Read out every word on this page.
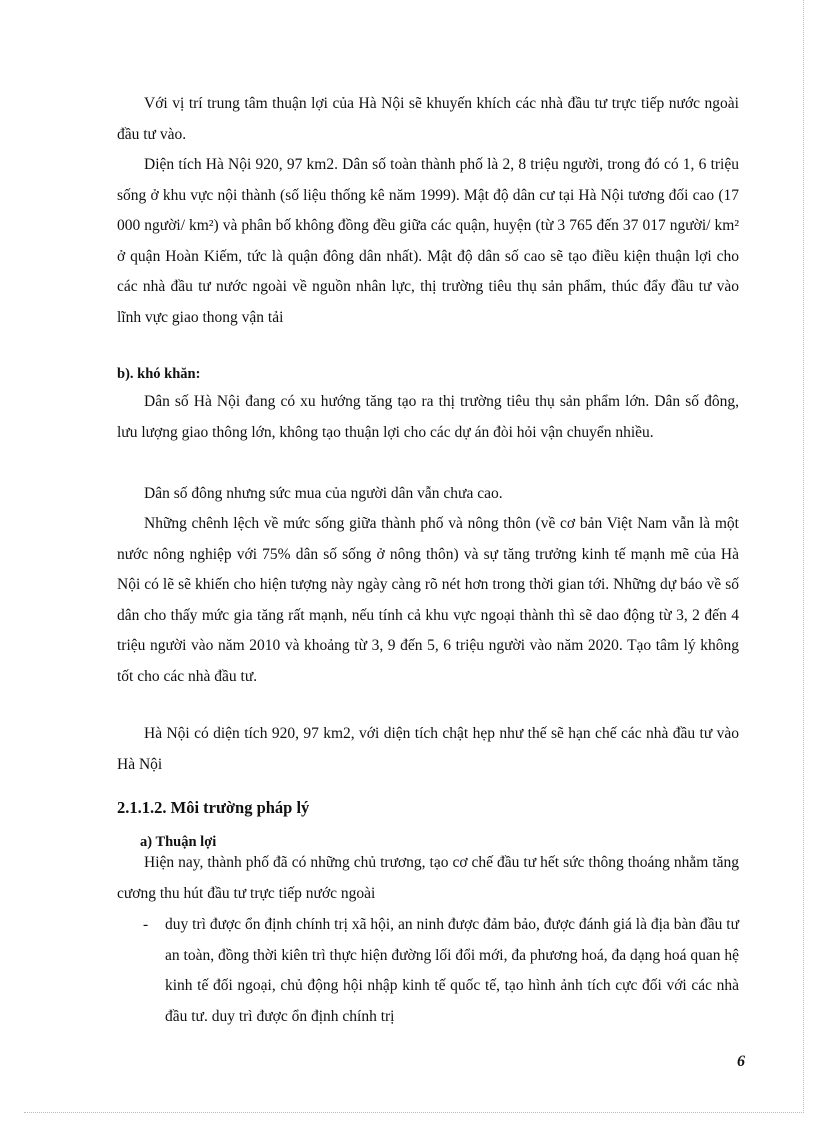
Với vị trí trung tâm thuận lợi của Hà Nội sẽ khuyến khích các nhà đầu tư trực tiếp nước ngoài đầu tư vào.

Diện tích Hà Nội 920, 97 km2. Dân số toàn thành phố là 2, 8 triệu người, trong đó có 1, 6 triệu sống ở khu vực nội thành (số liệu thống kê năm 1999). Mật độ dân cư tại Hà Nội tương đối cao (17 000 người/ km²) và phân bố không đồng đều giữa các quận, huyện (từ 3 765 đến 37 017 người/ km² ở quận Hoàn Kiếm, tức là quận đông dân nhất). Mật độ dân số cao sẽ tạo điều kiện thuận lợi cho các nhà đầu tư nước ngoài về nguồn nhân lực, thị trường tiêu thụ sản phẩm, thúc đẩy đầu tư vào lĩnh vực giao thong vận tải

b). khó khăn:

Dân số Hà Nội đang có xu hướng tăng tạo ra thị trường tiêu thụ sản phẩm lớn. Dân số đông, lưu lượng giao thông lớn, không tạo thuận lợi cho các dự án đòi hỏi vận chuyển nhiều.

Dân số đông nhưng sức mua của người dân vẫn chưa cao.

Những chênh lệch về mức sống giữa thành phố và nông thôn (về cơ bản Việt Nam vẫn là một nước nông nghiệp với 75% dân số sống ở nông thôn) và sự tăng trưởng kinh tế mạnh mẽ của Hà Nội có lẽ sẽ khiến cho hiện tượng này ngày càng rõ nét hơn trong thời gian tới. Những dự báo về số dân cho thấy mức gia tăng rất mạnh, nếu tính cả khu vực ngoại thành thì sẽ dao động từ 3, 2 đến 4 triệu người vào năm 2010 và khoảng từ 3, 9 đến 5, 6 triệu người vào năm 2020. Tạo tâm lý không tốt cho các nhà đầu tư.

Hà Nội có diện tích 920, 97 km2, với diện tích chật hẹp như thế sẽ hạn chế các nhà đầu tư vào Hà Nội

2.1.1.2. Môi trường pháp lý
a) Thuận lợi

Hiện nay, thành phố đã có những chủ trương, tạo cơ chế đầu tư hết sức thông thoáng nhằm tăng cương thu hút đầu tư trực tiếp nước ngoài

- duy trì được ổn định chính trị xã hội, an ninh được đảm bảo, được đánh giá là địa bàn đầu tư an toàn, đồng thời kiên trì thực hiện đường lối đổi mới, đa phương hoá, đa dạng hoá quan hệ kinh tế đối ngoại, chủ động hội nhập kinh tế quốc tế, tạo hình ảnh tích cực đối với các nhà đầu tư. duy trì được ổn định chính trị

6
